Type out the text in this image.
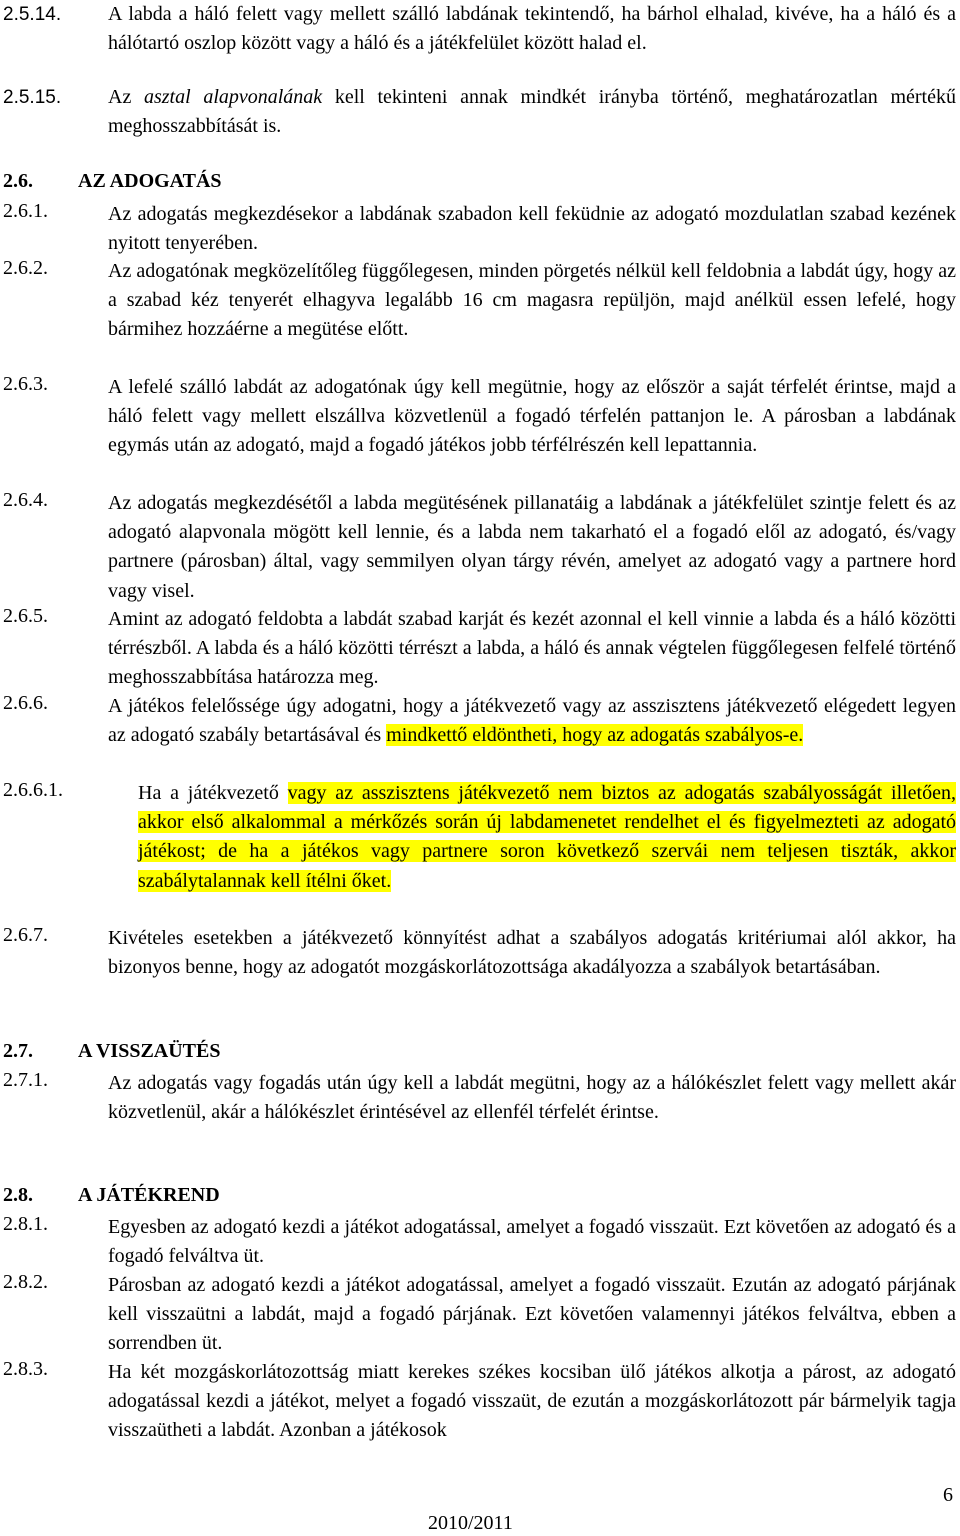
2.5.14. A labda a háló felett vagy mellett szálló labdának tekintendő, ha bárhol elhalad, kivéve, ha a háló és a hálótartó oszlop között vagy a háló és a játékfelület között halad el.
2.5.15. Az asztal alapvonalának kell tekinteni annak mindkét irányba történő, meghatározatlan mértékű meghosszabbítását is.
2.6. AZ ADOGATÁS
2.6.1.	Az adogatás megkezdésekor a labdának szabadon kell feküdnie az adogató mozdulatlan szabad kezének nyitott tenyerében.
2.6.2.	Az adogatónak megközelítőleg függőlegesen, minden pörgetés nélkül kell feldobnia a labdát úgy, hogy az a szabad kéz tenyerét elhagyva legalább 16 cm magasra repüljön, majd anélkül essen lefelé, hogy bármihez hozzáérne a megütése előtt.
2.6.3.	A lefelé szálló labdát az adogatónak úgy kell megütnie, hogy az először a saját térfelét érintse, majd a háló felett vagy mellett elszállva közvetlenül a fogadó térfelén pattanjon le. A párosban a labdának egymás után az adogató, majd a fogadó játékos jobb térfélrészén kell lepattannia.
2.6.4.	Az adogatás megkezdésétől a labda megütésének pillanatáig a labdának a játékfelület szintje felett és az adogató alapvonala mögött kell lennie, és a labda nem takarható el a fogadó elől az adogató, és/vagy partnere (párosban) által, vagy semmilyen olyan tárgy révén, amelyet az adogató vagy a partnere hord vagy visel.
2.6.5.	Amint az adogató feldobta a labdát szabad karját és kezét azonnal el kell vinnie a labda és a háló közötti térrészből. A labda és a háló közötti térrészt a labda, a háló és annak végtelen függőlegesen felfelé történő meghosszabbítása határozza meg.
2.6.6.	A játékos felelőssége úgy adogatni, hogy a játékvezető vagy az asszisztens játékvezető elégedett legyen az adogató szabály betartásával és mindkettő eldöntheti, hogy az adogatás szabályos-e.
2.6.6.1.	Ha a játékvezető vagy az asszisztens játékvezető nem biztos az adogatás szabályosságát illetően, akkor első alkalommal a mérkőzés során új labdamenetet rendelhet el és figyelmezteti az adogató játékost; de ha a játékos vagy partnere soron következő szervái nem teljesen tiszták, akkor szabálytalannak kell ítélni őket.
2.6.7.	Kivételes esetekben a játékvezető könnyítést adhat a szabályos adogatás kritériumai alól akkor, ha bizonyos benne, hogy az adogatót mozgáskorlátozottsága akadályozza a szabályok betartásában.
2.7. A VISSZAÜTÉS
2.7.1.	Az adogatás vagy fogadás után úgy kell a labdát megütni, hogy az a hálókészlet felett vagy mellett akár közvetlenül, akár a hálókészlet érintésével az ellenfél térfelét érintse.
2.8. A JÁTÉKREND
2.8.1.	Egyesben az adogató kezdi a játékot adogatással, amelyet a fogadó visszaüt. Ezt követően az adogató és a fogadó felváltva üt.
2.8.2.	Párosban az adogató kezdi a játékot adogatással, amelyet a fogadó visszaüt. Ezután az adogató párjának kell visszaütni a labdát, majd a fogadó párjának. Ezt követően valamennyi játékos felváltva, ebben a sorrendben üt.
2.8.3.	Ha két mozgáskorlátozottság miatt kerekes székes kocsiban ülő játékos alkotja a párost, az adogató adogatással kezdi a játékot, melyet a fogadó visszaüt, de ezután a mozgáskorlátozott pár bármelyik tagja visszaütheti a labdát. Azonban a játékosok
6
2010/2011
